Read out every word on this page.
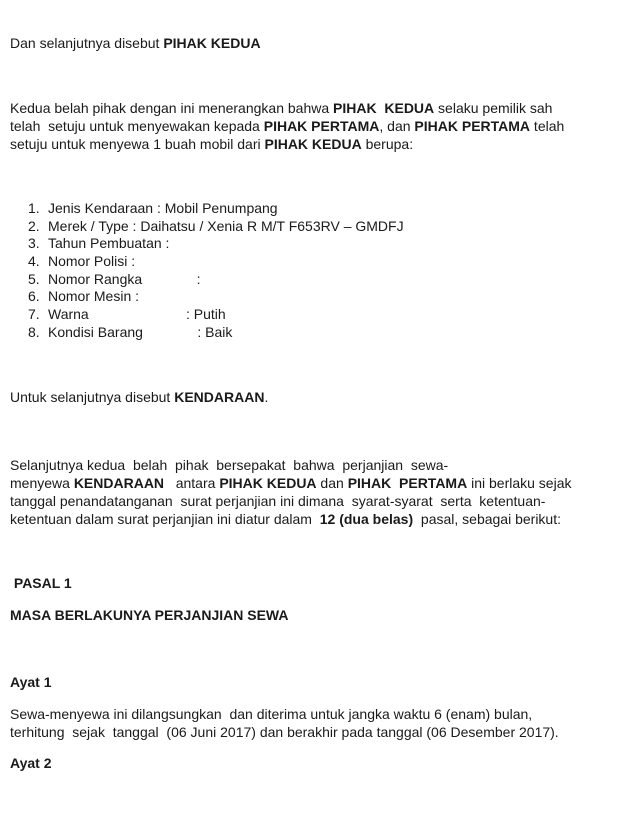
Dan selanjutnya disebut PIHAK KEDUA

Kedua belah pihak dengan ini menerangkan bahwa PIHAK  KEDUA selaku pemilik sah
telah  setuju untuk menyewakan kepada PIHAK PERTAMA, dan PIHAK PERTAMA telah
setuju untuk menyewa 1 buah mobil dari PIHAK KEDUA berupa:

1. Jenis Kendaraan : Mobil Penumpang
2. Merek / Type : Daihatsu / Xenia R M/T F653RV – GMDFJ
3. Tahun Pembuatan :
4. Nomor Polisi :
5. Nomor Rangka              :
6. Nomor Mesin :
7. Warna                         : Putih
8. Kondisi Barang              : Baik

Untuk selanjutnya disebut KENDARAAN.

Selanjutnya kedua  belah  pihak  bersepakat  bahwa  perjanjian  sewa-
menyewa KENDARAAN   antara PIHAK KEDUA dan PIHAK  PERTAMA ini berlaku sejak
tanggal penandatanganan  surat perjanjian ini dimana  syarat-syarat  serta  ketentuan-
ketentuan dalam surat perjanjian ini diatur dalam  12 (dua belas)  pasal, sebagai berikut:

PASAL 1

MASA BERLAKUNYA PERJANJIAN SEWA

Ayat 1

Sewa-menyewa ini dilangsungkan  dan diterima untuk jangka waktu 6 (enam) bulan,
terhitung  sejak  tanggal  (06 Juni 2017) dan berakhir pada tanggal (06 Desember 2017).

Ayat 2
